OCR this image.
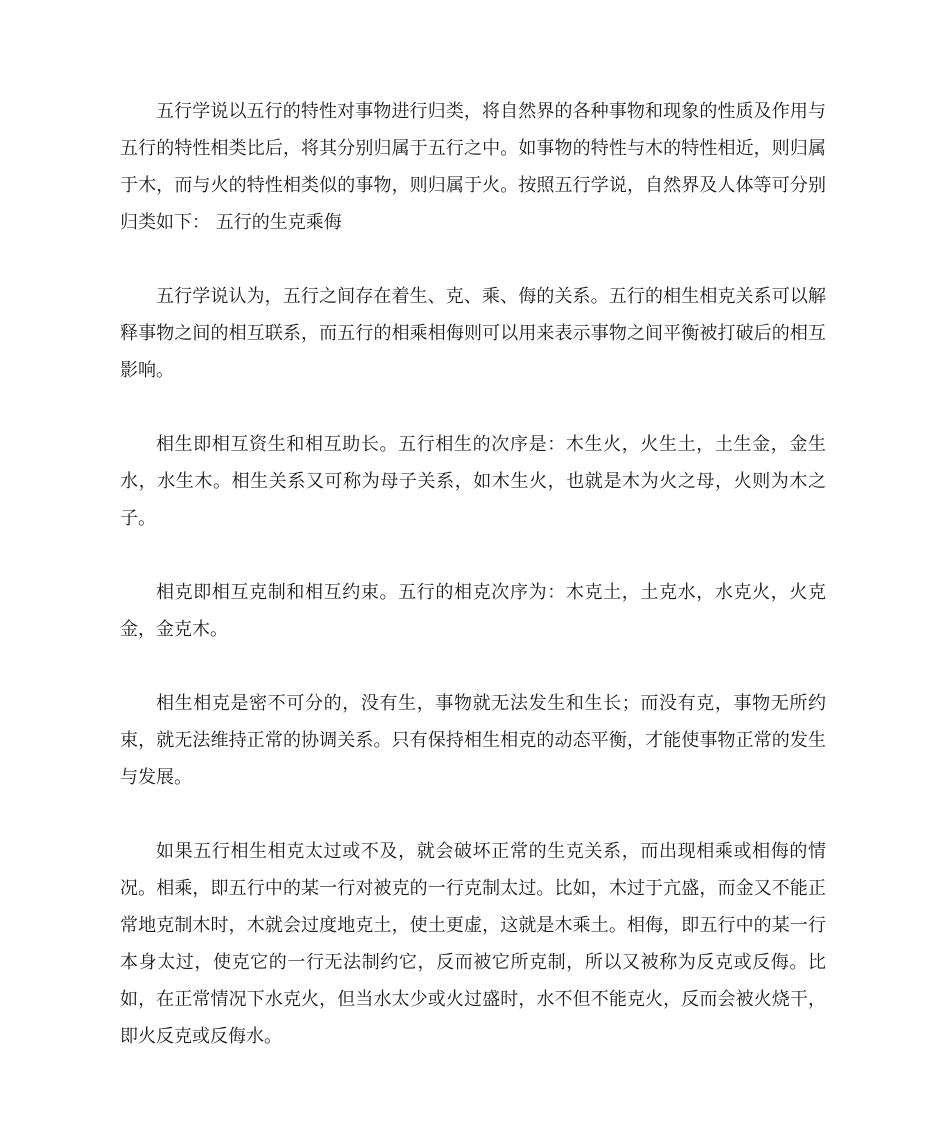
五行学说以五行的特性对事物进行归类，将自然界的各种事物和现象的性质及作用与五行的特性相类比后，将其分别归属于五行之中。如事物的特性与木的特性相近，则归属于木，而与火的特性相类似的事物，则归属于火。按照五行学说，自然界及人体等可分别归类如下： 五行的生克乘侮

五行学说认为，五行之间存在着生、克、乘、侮的关系。五行的相生相克关系可以解释事物之间的相互联系，而五行的相乘相侮则可以用来表示事物之间平衡被打破后的相互影响。

相生即相互资生和相互助长。五行相生的次序是：木生火，火生土，土生金，金生水，水生木。相生关系又可称为母子关系，如木生火，也就是木为火之母，火则为木之子。

相克即相互克制和相互约束。五行的相克次序为：木克土，土克水，水克火，火克金，金克木。

相生相克是密不可分的，没有生，事物就无法发生和生长；而没有克，事物无所约束，就无法维持正常的协调关系。只有保持相生相克的动态平衡，才能使事物正常的发生与发展。

如果五行相生相克太过或不及，就会破坏正常的生克关系，而出现相乘或相侮的情况。相乘，即五行中的某一行对被克的一行克制太过。比如，木过于亢盛，而金又不能正常地克制木时，木就会过度地克土，使土更虚，这就是木乘土。相侮，即五行中的某一行本身太过，使克它的一行无法制约它，反而被它所克制，所以又被称为反克或反侮。比如，在正常情况下水克火，但当水太少或火过盛时，水不但不能克火，反而会被火烧干，即火反克或反侮水。
